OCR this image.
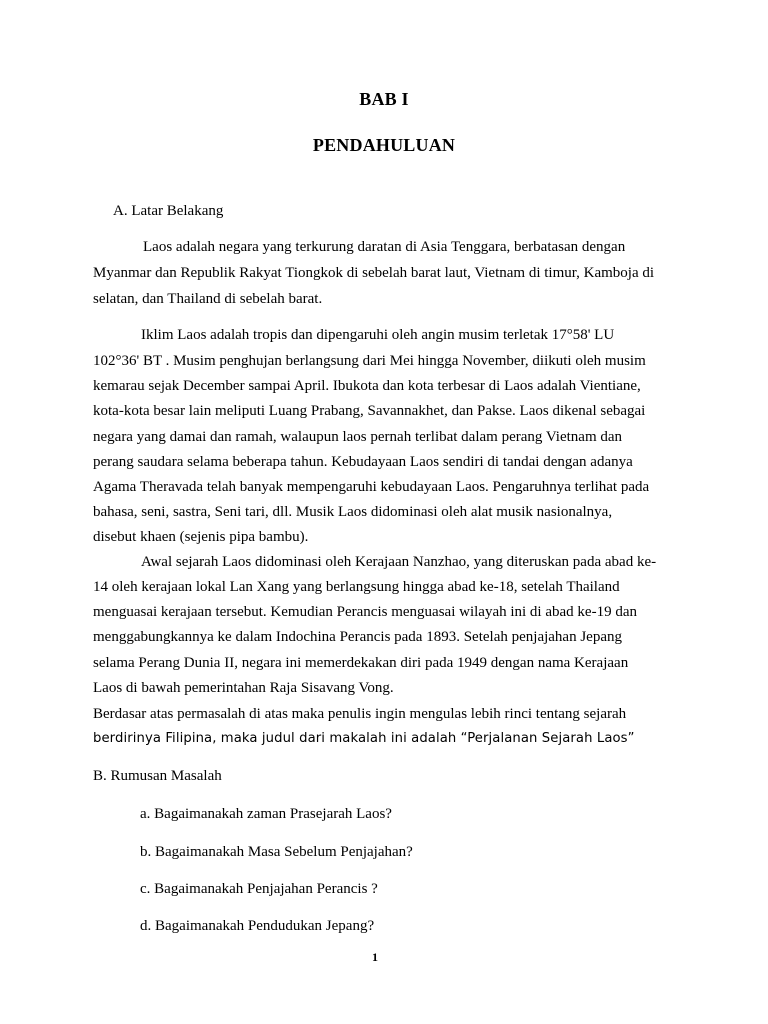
BAB I
PENDAHULUAN
A. Latar Belakang
Laos adalah negara yang terkurung daratan di Asia Tenggara, berbatasan dengan
Myanmar dan Republik Rakyat Tiongkok di sebelah barat laut, Vietnam di timur, Kamboja di
selatan, dan Thailand di sebelah barat.
Iklim Laos adalah tropis dan dipengaruhi oleh angin musim terletak 17°58' LU
102°36' BT . Musim penghujan berlangsung dari Mei hingga November, diikuti oleh musim
kemarau sejak December sampai April. Ibukota dan kota terbesar di Laos adalah Vientiane,
kota-kota besar lain meliputi Luang Prabang, Savannakhet, dan Pakse. Laos dikenal sebagai
negara yang damai dan ramah, walaupun laos pernah terlibat dalam perang Vietnam dan
perang saudara selama beberapa tahun. Kebudayaan Laos sendiri di tandai dengan adanya
Agama Theravada telah banyak mempengaruhi kebudayaan Laos. Pengaruhnya terlihat pada
bahasa, seni, sastra, Seni tari, dll. Musik Laos didominasi oleh alat musik nasionalnya,
disebut khaen (sejenis pipa bambu).
Awal sejarah Laos didominasi oleh Kerajaan Nanzhao, yang diteruskan pada abad ke-
14 oleh kerajaan lokal Lan Xang yang berlangsung hingga abad ke-18, setelah Thailand
menguasai kerajaan tersebut. Kemudian Perancis menguasai wilayah ini di abad ke-19 dan
menggabungkannya ke dalam Indochina Perancis pada 1893. Setelah penjajahan Jepang
selama Perang Dunia II, negara ini memerdekakan diri pada 1949 dengan nama Kerajaan
Laos di bawah pemerintahan Raja Sisavang Vong.
Berdasar atas permasalah di atas maka penulis ingin mengulas lebih rinci tentang sejarah
berdirinya Filipina, maka judul dari makalah ini adalah “Perjalanan Sejarah Laos”
B. Rumusan Masalah
a. Bagaimanakah zaman Prasejarah Laos?
b. Bagaimanakah Masa Sebelum Penjajahan?
c. Bagaimanakah Penjajahan Perancis ?
d. Bagaimanakah Pendudukan Jepang?
1
